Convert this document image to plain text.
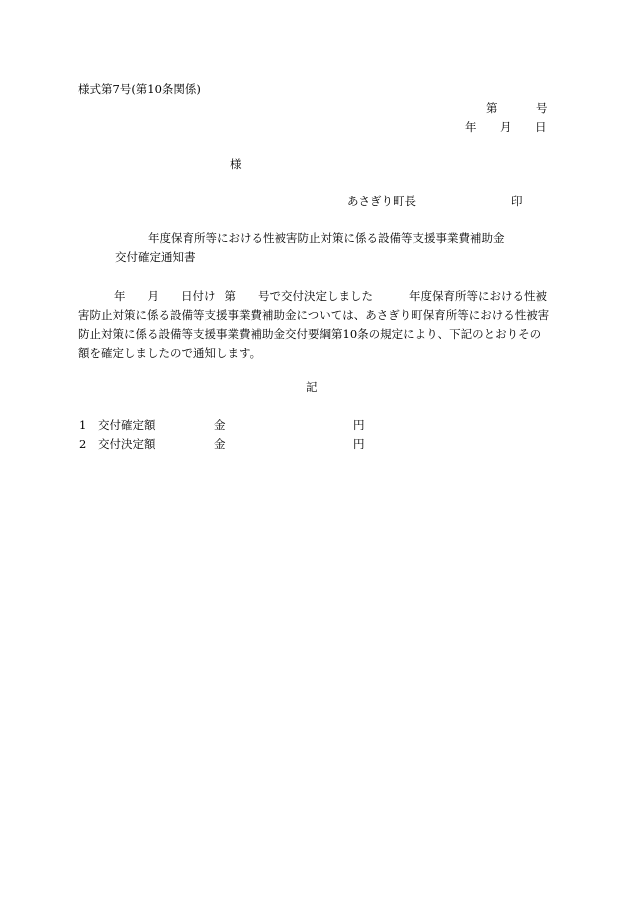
様式第7号(第10条関係)
第	号
年 月 日
様
あさぎり町長	印
年度保育所等における性被害防止対策に係る設備等支援事業費補助金
交付確定通知書

年 月 日付け 第 号で交付決定しました	年度保育所等における性被害防止対策に係る設備等支援事業費補助金については、あさぎり町保育所等における性被害防止対策に係る設備等支援事業費補助金交付要綱第10条の規定により、下記のとおりその額を確定しましたので通知します。

記
1 交付確定額	金	円
2 交付決定額	金	円
